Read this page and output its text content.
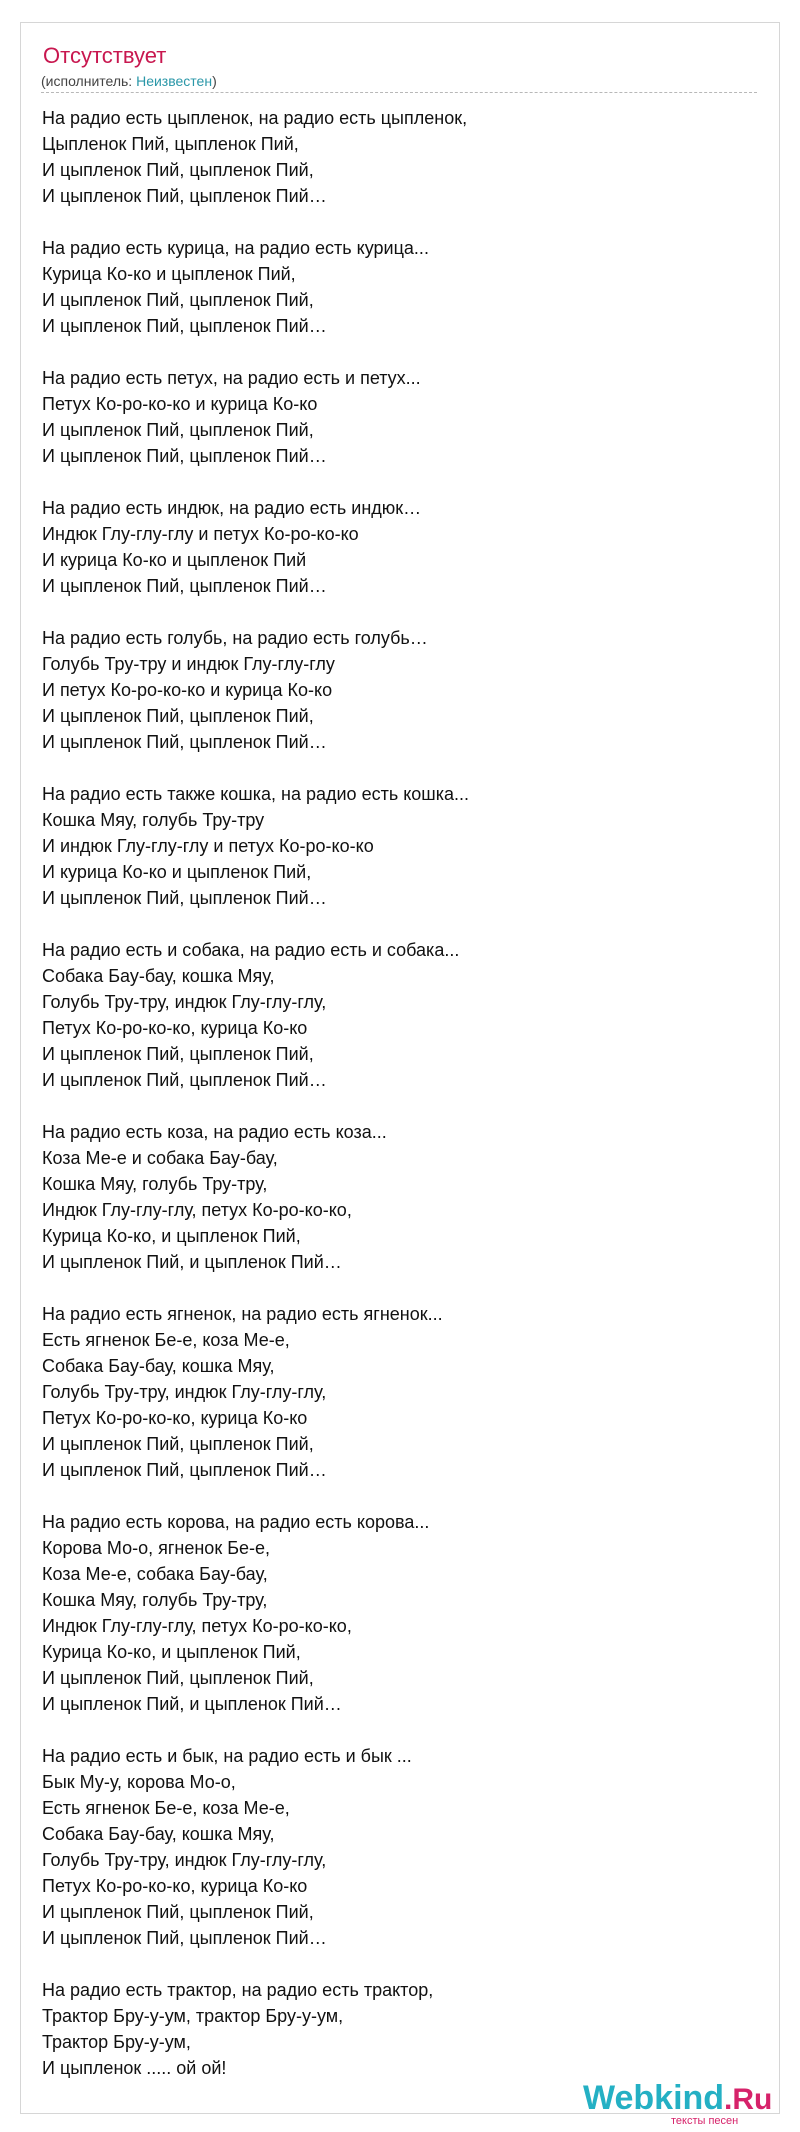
Отсутствует
(исполнитель: Неизвестен)
На радио есть цыпленок, на радио есть цыпленок,
Цыпленок Пий, цыпленок Пий,
И цыпленок Пий, цыпленок Пий,
И цыпленок Пий, цыпленок Пий…
На радио есть курица, на радио есть курица...
Курица Ко-ко и цыпленок Пий,
И цыпленок Пий, цыпленок Пий,
И цыпленок Пий, цыпленок Пий…
На радио есть петух, на радио есть и петух...
Петух Ко-ро-ко-ко и курица Ко-ко
И цыпленок Пий, цыпленок Пий,
И цыпленок Пий, цыпленок Пий…
На радио есть индюк, на радио есть индюк…
Индюк Глу-глу-глу и петух Ко-ро-ко-ко
И курица Ко-ко и цыпленок Пий
И цыпленок Пий, цыпленок Пий…
На радио есть голубь, на радио есть голубь…
Голубь Тру-тру и индюк Глу-глу-глу
И петух Ко-ро-ко-ко и курица Ко-ко
И цыпленок Пий, цыпленок Пий,
И цыпленок Пий, цыпленок Пий…
На радио есть также кошка, на радио есть кошка...
Кошка Мяу, голубь Тру-тру
И индюк Глу-глу-глу и петух Ко-ро-ко-ко
И курица Ко-ко и цыпленок Пий,
И цыпленок Пий, цыпленок Пий…
На радио есть и собака, на радио есть и собака...
Собака Бау-бау, кошка Мяу,
Голубь Тру-тру, индюк Глу-глу-глу,
Петух Ко-ро-ко-ко, курица Ко-ко
И цыпленок Пий, цыпленок Пий,
И цыпленок Пий, цыпленок Пий…
На радио есть коза, на радио есть коза...
Коза Ме-е и собака Бау-бау,
Кошка Мяу, голубь Тру-тру,
Индюк Глу-глу-глу, петух Ко-ро-ко-ко,
Курица Ко-ко, и цыпленок Пий,
И цыпленок Пий, и цыпленок Пий…
На радио есть ягненок, на радио есть ягненок...
Есть ягненок Бе-е, коза Ме-е,
Собака Бау-бау, кошка Мяу,
Голубь Тру-тру, индюк Глу-глу-глу,
Петух Ко-ро-ко-ко, курица Ко-ко
И цыпленок Пий, цыпленок Пий,
И цыпленок Пий, цыпленок Пий…
На радио есть корова, на радио есть корова...
Корова Мо-о, ягненок Бе-е,
Коза Ме-е, собака Бау-бау,
Кошка Мяу, голубь Тру-тру,
Индюк Глу-глу-глу, петух Ко-ро-ко-ко,
Курица Ко-ко, и цыпленок Пий,
И цыпленок Пий, цыпленок Пий,
И цыпленок Пий, и цыпленок Пий…
На радио есть и бык, на радио есть и бык ...
Бык Му-у, корова Мо-о,
Есть ягненок Бе-е, коза Ме-е,
Собака Бау-бау, кошка Мяу,
Голубь Тру-тру, индюк Глу-глу-глу,
Петух Ко-ро-ко-ко, курица Ко-ко
И цыпленок Пий, цыпленок Пий,
И цыпленок Пий, цыпленок Пий…
На радио есть трактор, на радио есть трактор,
Трактор Бру-у-ум, трактор Бру-у-ум,
Трактор Бру-у-ум,
И цыпленок ..... ой ой!
Webkind.Ru
тексты песен
